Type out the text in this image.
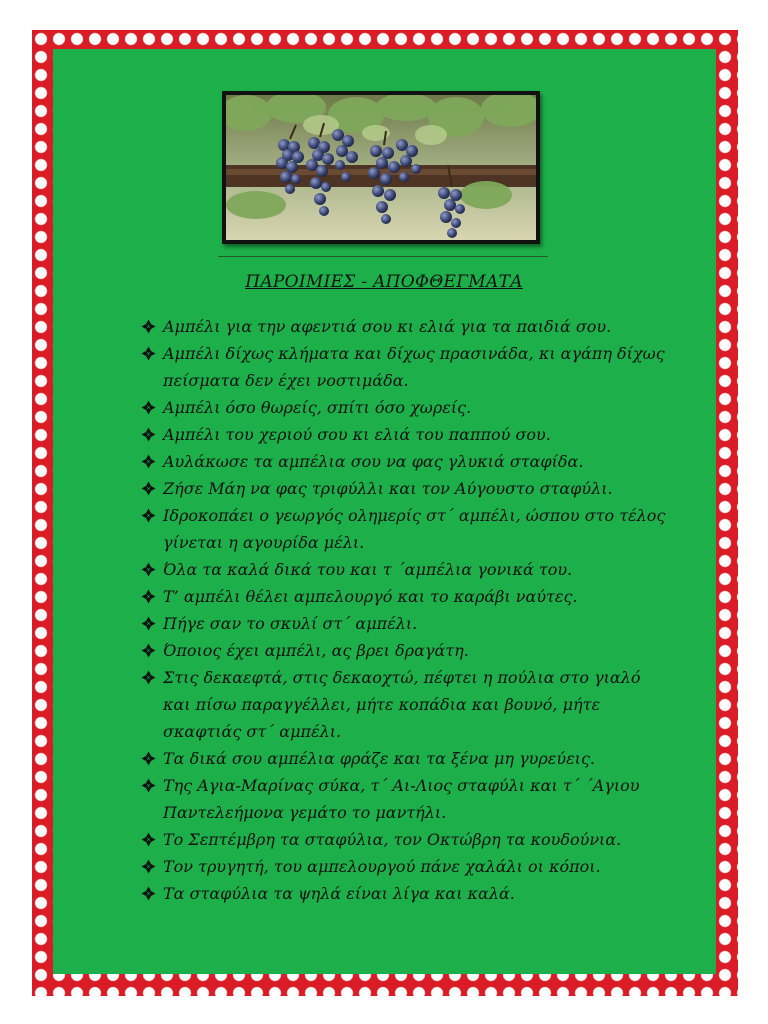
ΠΑΡΟΙΜΙΕΣ - ΑΠΟΦΘΕΓΜΑΤΑ
Αμπέλι για την αφεντιά σου κι ελιά για τα παιδιά σου.
Αμπέλι δίχως κλήματα και δίχως πρασινάδα, κι αγάπη δίχως πείσματα δεν έχει νοστιμάδα.
Αμπέλι όσο θωρείς, σπίτι όσο χωρείς.
Αμπέλι του χεριού σου κι ελιά του παππού σου.
Αυλάκωσε τα αμπέλια σου να φας γλυκιά σταφίδα.
Ζήσε Μάη να φας τριφύλλι και τον Αύγουστο σταφύλι.
Ιδροκοπάει ο γεωργός ολημερίς στ΄ αμπέλι, ώσπου στο τέλος γίνεται η αγουρίδα μέλι.
Όλα τα καλά δικά του και τ ΄αμπέλια γονικά του.
Τ’ αμπέλι θέλει αμπελουργό και το καράβι ναύτες.
Πήγε σαν το σκυλί στ΄ αμπέλι.
Όποιος έχει αμπέλι, ας βρει δραγάτη.
Στις δεκαεφτά, στις δεκαοχτώ, πέφτει η πούλια στο γιαλό και πίσω παραγγέλλει, μήτε κοπάδια και βουνό, μήτε σκαφτιάς στ΄ αμπέλι.
Τα δικά σου αμπέλια φράζε και τα ξένα μη γυρεύεις.
Της Αγια-Μαρίνας σύκα, τ΄ Αι-Λιος σταφύλι και τ΄ ΄Αγιου Παντελεήμονα γεμάτο το μαντήλι.
Το Σεπτέμβρη τα σταφύλια, τον Οκτώβρη τα κουδούνια.
Τον τρυγητή, του αμπελουργού πάνε χαλάλι οι κόποι.
Τα σταφύλια τα ψηλά είναι λίγα και καλά.
